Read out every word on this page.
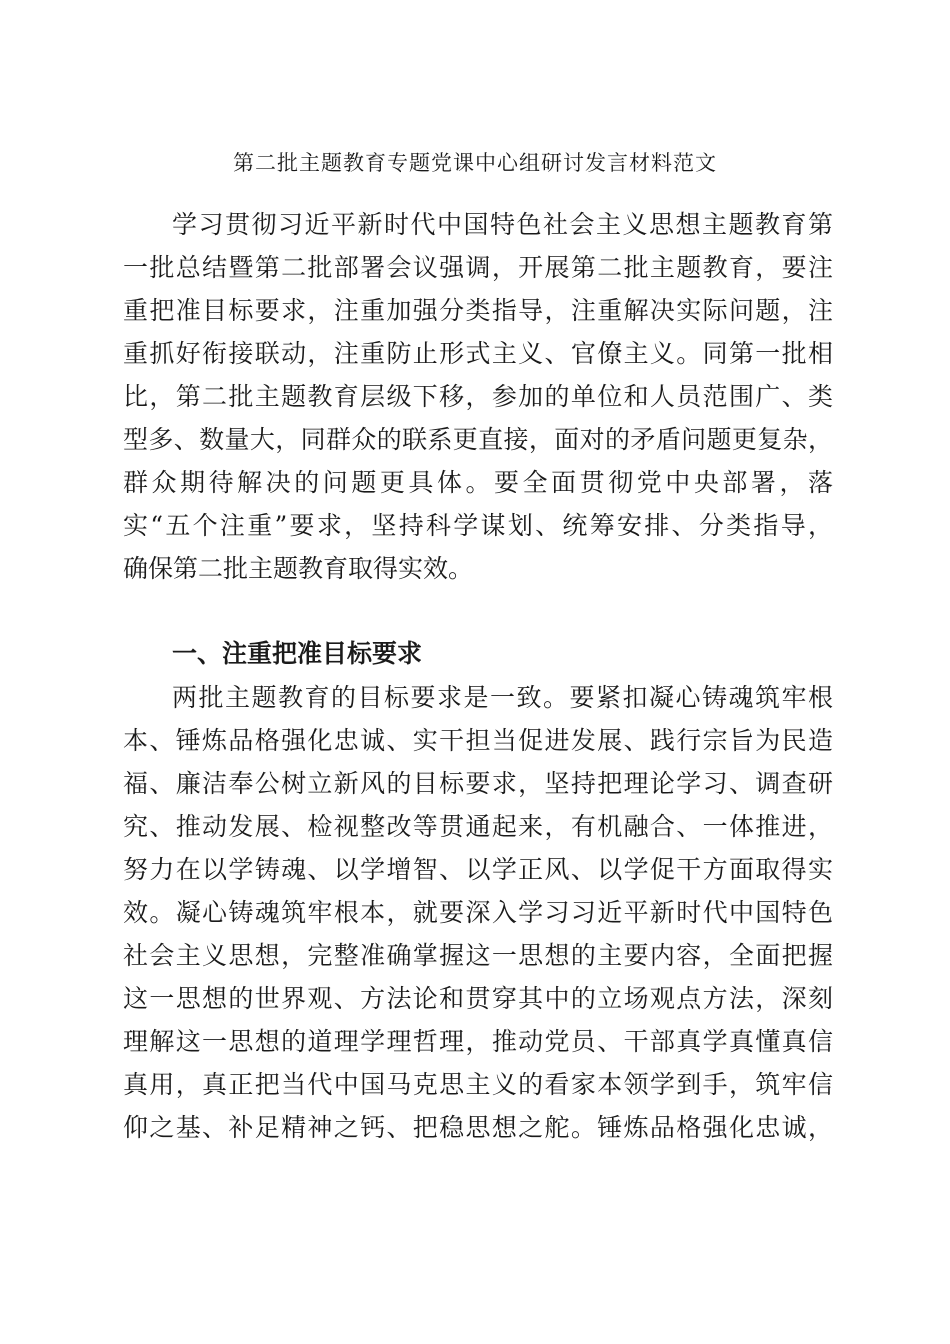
第二批主题教育专题党课中心组研讨发言材料范文
学习贯彻习近平新时代中国特色社会主义思想主题教育第
一批总结暨第二批部署会议强调，开展第二批主题教育，要注
重把准目标要求，注重加强分类指导，注重解决实际问题，注
重抓好衔接联动，注重防止形式主义、官僚主义。同第一批相
比，第二批主题教育层级下移，参加的单位和人员范围广、类
型多、数量大，同群众的联系更直接，面对的矛盾问题更复杂，
群众期待解决的问题更具体。要全面贯彻党中央部署，落
实“五个注重”要求，坚持科学谋划、统筹安排、分类指导，
确保第二批主题教育取得实效。
一、注重把准目标要求
两批主题教育的目标要求是一致。要紧扣凝心铸魂筑牢根
本、锤炼品格强化忠诚、实干担当促进发展、践行宗旨为民造
福、廉洁奉公树立新风的目标要求，坚持把理论学习、调查研
究、推动发展、检视整改等贯通起来，有机融合、一体推进，
努力在以学铸魂、以学增智、以学正风、以学促干方面取得实
效。凝心铸魂筑牢根本，就要深入学习习近平新时代中国特色
社会主义思想，完整准确掌握这一思想的主要内容，全面把握
这一思想的世界观、方法论和贯穿其中的立场观点方法，深刻
理解这一思想的道理学理哲理，推动党员、干部真学真懂真信
真用，真正把当代中国马克思主义的看家本领学到手，筑牢信
仰之基、补足精神之钙、把稳思想之舵。锤炼品格强化忠诚，
